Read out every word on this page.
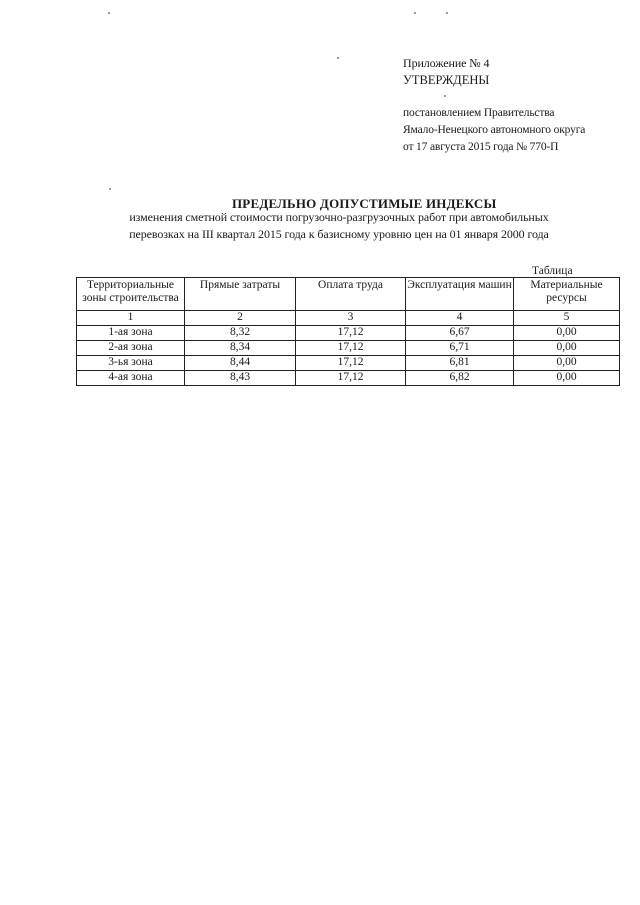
Приложение № 4
УТВЕРЖДЕНЫ
постановлением Правительства
Ямало-Ненецкого автономного округа
от 17 августа 2015 года № 770-П
ПРЕДЕЛЬНО ДОПУСТИМЫЕ ИНДЕКСЫ
изменения сметной стоимости погрузочно-разгрузочных работ при автомобильных
перевозках на III квартал 2015 года к базисному уровню цен на 01 января 2000 года
Таблица
Территориальные зоны строительства	Прямые затраты	Оплата труда	Эксплуатация машин	Материальные ресурсы
1	2	3	4	5
1-ая зона	8,32	17,12	6,67	0,00
2-ая зона	8,34	17,12	6,71	0,00
3-ья зона	8,44	17,12	6,81	0,00
4-ая зона	8,43	17,12	6,82	0,00
